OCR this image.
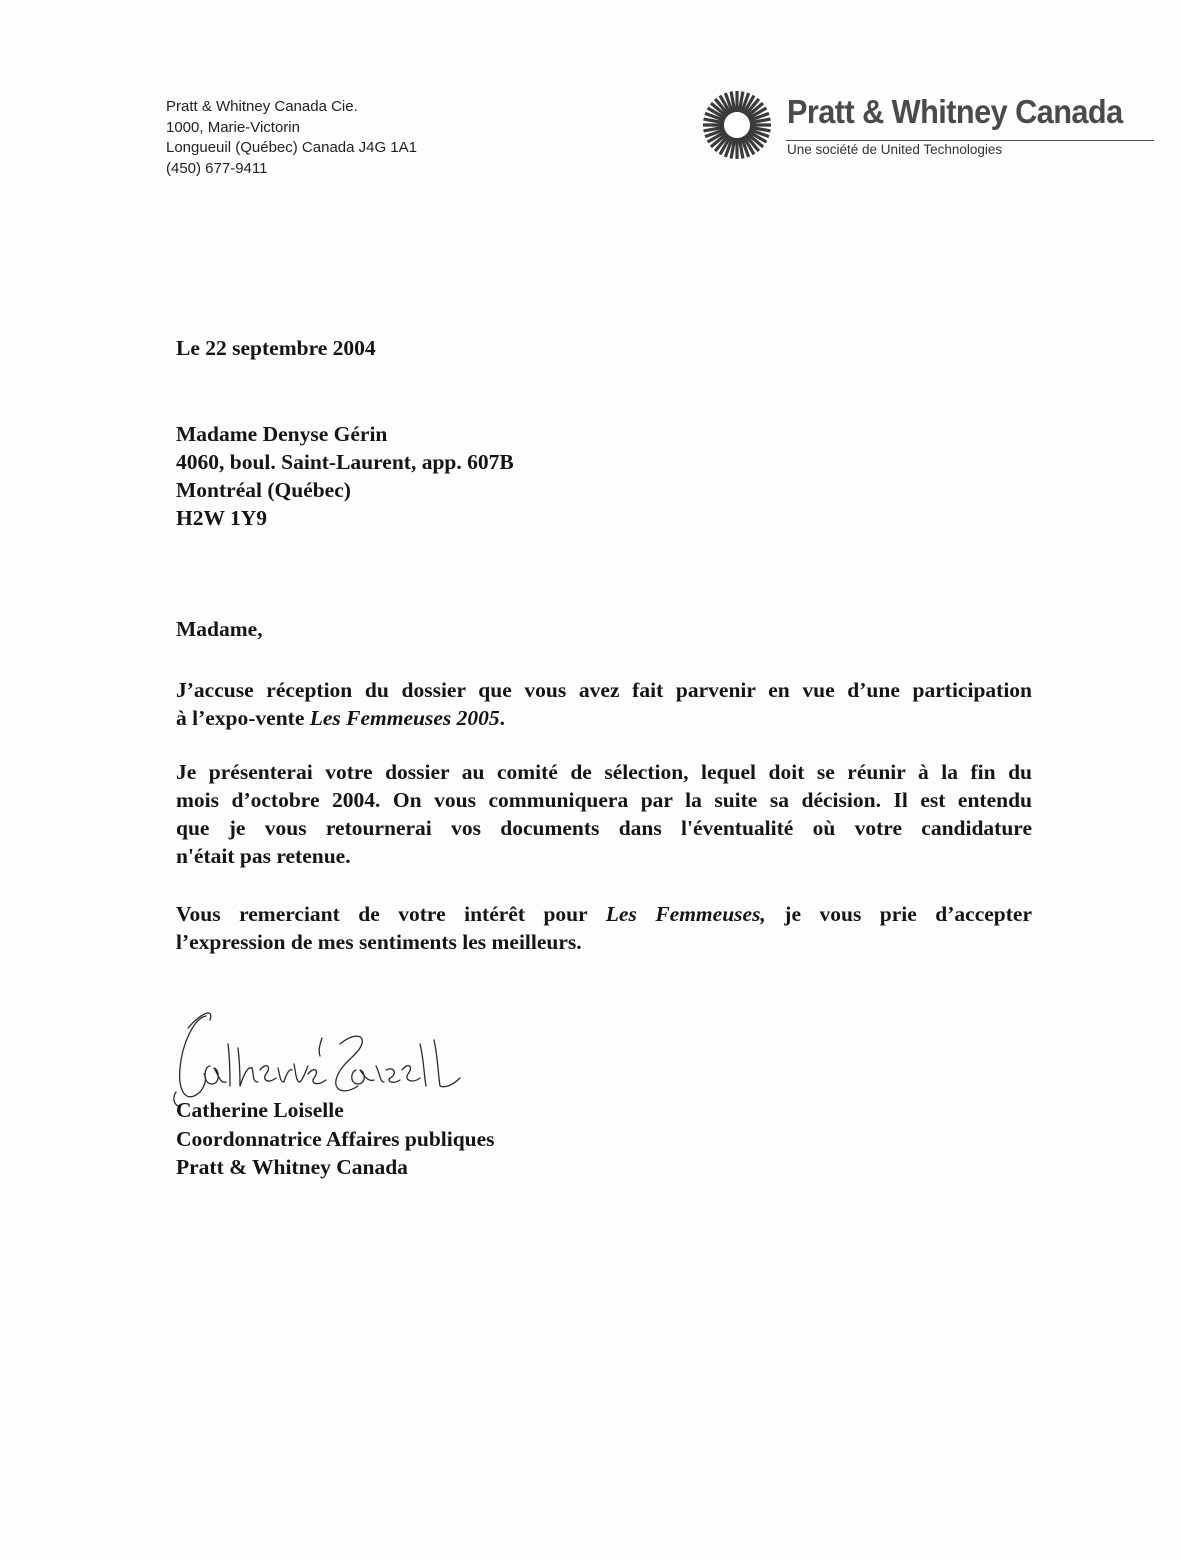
Pratt & Whitney Canada Cie.
1000, Marie-Victorin
Longueuil (Québec) Canada J4G 1A1
(450) 677-9411
Pratt & Whitney Canada
Une société de United Technologies
Le 22 septembre 2004
Madame Denyse Gérin
4060, boul. Saint-Laurent, app. 607B
Montréal (Québec)
H2W 1Y9
Madame,
J’accuse réception du dossier que vous avez fait parvenir en vue d’une participation
à l’expo-vente Les Femmeuses 2005.
Je présenterai votre dossier au comité de sélection, lequel doit se réunir à la fin du
mois d’octobre 2004. On vous communiquera par la suite sa décision. Il est entendu
que je vous retournerai vos documents dans l'éventualité où votre candidature
n'était pas retenue.
Vous remerciant de votre intérêt pour Les Femmeuses, je vous prie d’accepter
l’expression de mes sentiments les meilleurs.
Catherine Loiselle
Coordonnatrice Affaires publiques
Pratt & Whitney Canada
